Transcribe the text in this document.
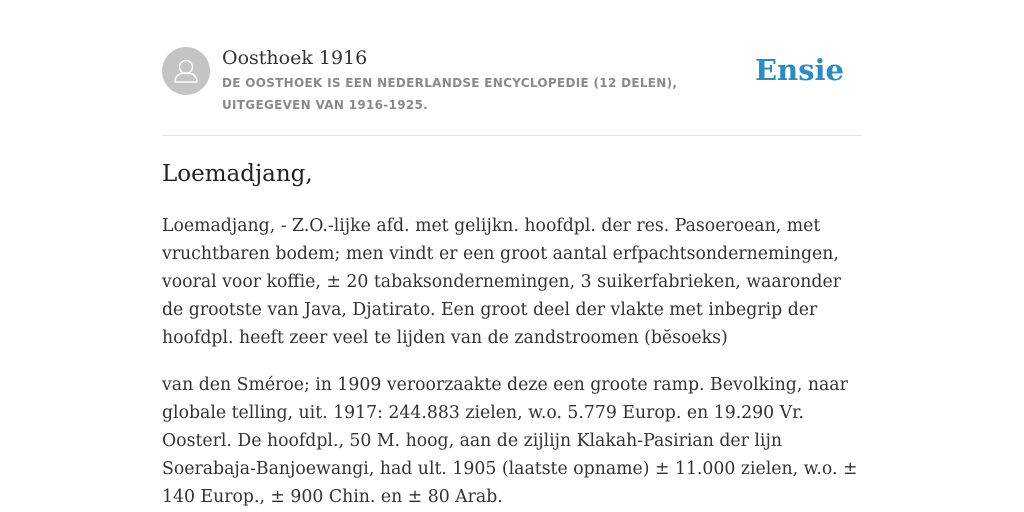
Oosthoek 1916
DE OOSTHOEK IS EEN NEDERLANDSE ENCYCLOPEDIE (12 DELEN), UITGEGEVEN VAN 1916-1925.
Ensie
Loemadjang,

Loemadjang, - Z.O.-lijke afd. met gelijkn. hoofdpl. der res. Pasoeroean, met vruchtbaren bodem; men vindt er een groot aantal erfpachtsondernemingen, vooral voor koffie, ± 20 tabaksondernemingen, 3 suikerfabrieken, waaronder de grootste van Java, Djatirato. Een groot deel der vlakte met inbegrip der hoofdpl. heeft zeer veel te lijden van de zandstroomen (bĕsoeks)

van den Sméroe; in 1909 veroorzaakte deze een groote ramp. Bevolking, naar globale telling, uit. 1917: 244.883 zielen, w.o. 5.779 Europ. en 19.290 Vr. Oosterl. De hoofdpl., 50 M. hoog, aan de zijlijn Klakah-Pasirian der lijn Soerabaja-Banjoewangi, had ult. 1905 (laatste opname) ± 11.000 zielen, w.o. ± 140 Europ., ± 900 Chin. en ± 80 Arab.
